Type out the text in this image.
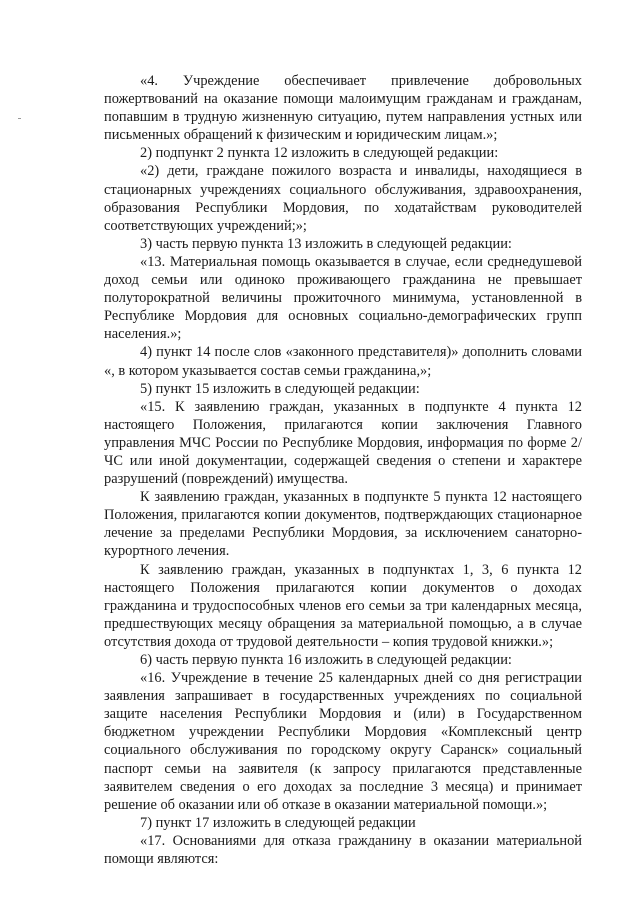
«4. Учреждение обеспечивает привлечение добровольных пожертвований на оказание помощи малоимущим гражданам и гражданам, попавшим в трудную жизненную ситуацию, путем направления устных или письменных обращений к физическим и юридическим лицам.»;

2) подпункт 2 пункта 12 изложить в следующей редакции:

«2) дети, граждане пожилого возраста и инвалиды, находящиеся в стационарных учреждениях социального обслуживания, здравоохранения, образования Республики Мордовия, по ходатайствам руководителей соответствующих учреждений;»;

3) часть первую пункта 13 изложить в следующей редакции:

«13. Материальная помощь оказывается в случае, если среднедушевой доход семьи или одиноко проживающего гражданина не превышает полуторократной величины прожиточного минимума, установленной в Республике Мордовия для основных социально-демографических групп населения.»;

4) пункт 14 после слов «законного представителя)» дополнить словами «, в котором указывается состав семьи гражданина,»;

5) пункт 15 изложить в следующей редакции:

«15. К заявлению граждан, указанных в подпункте 4 пункта 12 настоящего Положения, прилагаются копии заключения Главного управления МЧС России по Республике Мордовия, информация по форме 2/ЧС или иной документации, содержащей сведения о степени и характере разрушений (повреждений) имущества.

К заявлению граждан, указанных в подпункте 5 пункта 12 настоящего Положения, прилагаются копии документов, подтверждающих стационарное лечение за пределами Республики Мордовия, за исключением санаторно-курортного лечения.

К заявлению граждан, указанных в подпунктах 1, 3, 6 пункта 12 настоящего Положения прилагаются копии документов о доходах гражданина и трудоспособных членов его семьи за три календарных месяца, предшествующих месяцу обращения за материальной помощью, а в случае отсутствия дохода от трудовой деятельности – копия трудовой книжки.»;

6) часть первую пункта 16 изложить в следующей редакции:

«16. Учреждение в течение 25 календарных дней со дня регистрации заявления запрашивает в государственных учреждениях по социальной защите населения Республики Мордовия и (или) в Государственном бюджетном учреждении Республики Мордовия «Комплексный центр социального обслуживания по городскому округу Саранск» социальный паспорт семьи на заявителя (к запросу прилагаются представленные заявителем сведения о его доходах за последние 3 месяца) и принимает решение об оказании или об отказе в оказании материальной помощи.»;

7) пункт 17 изложить в следующей редакции

«17. Основаниями для отказа гражданину в оказании материальной помощи являются:
